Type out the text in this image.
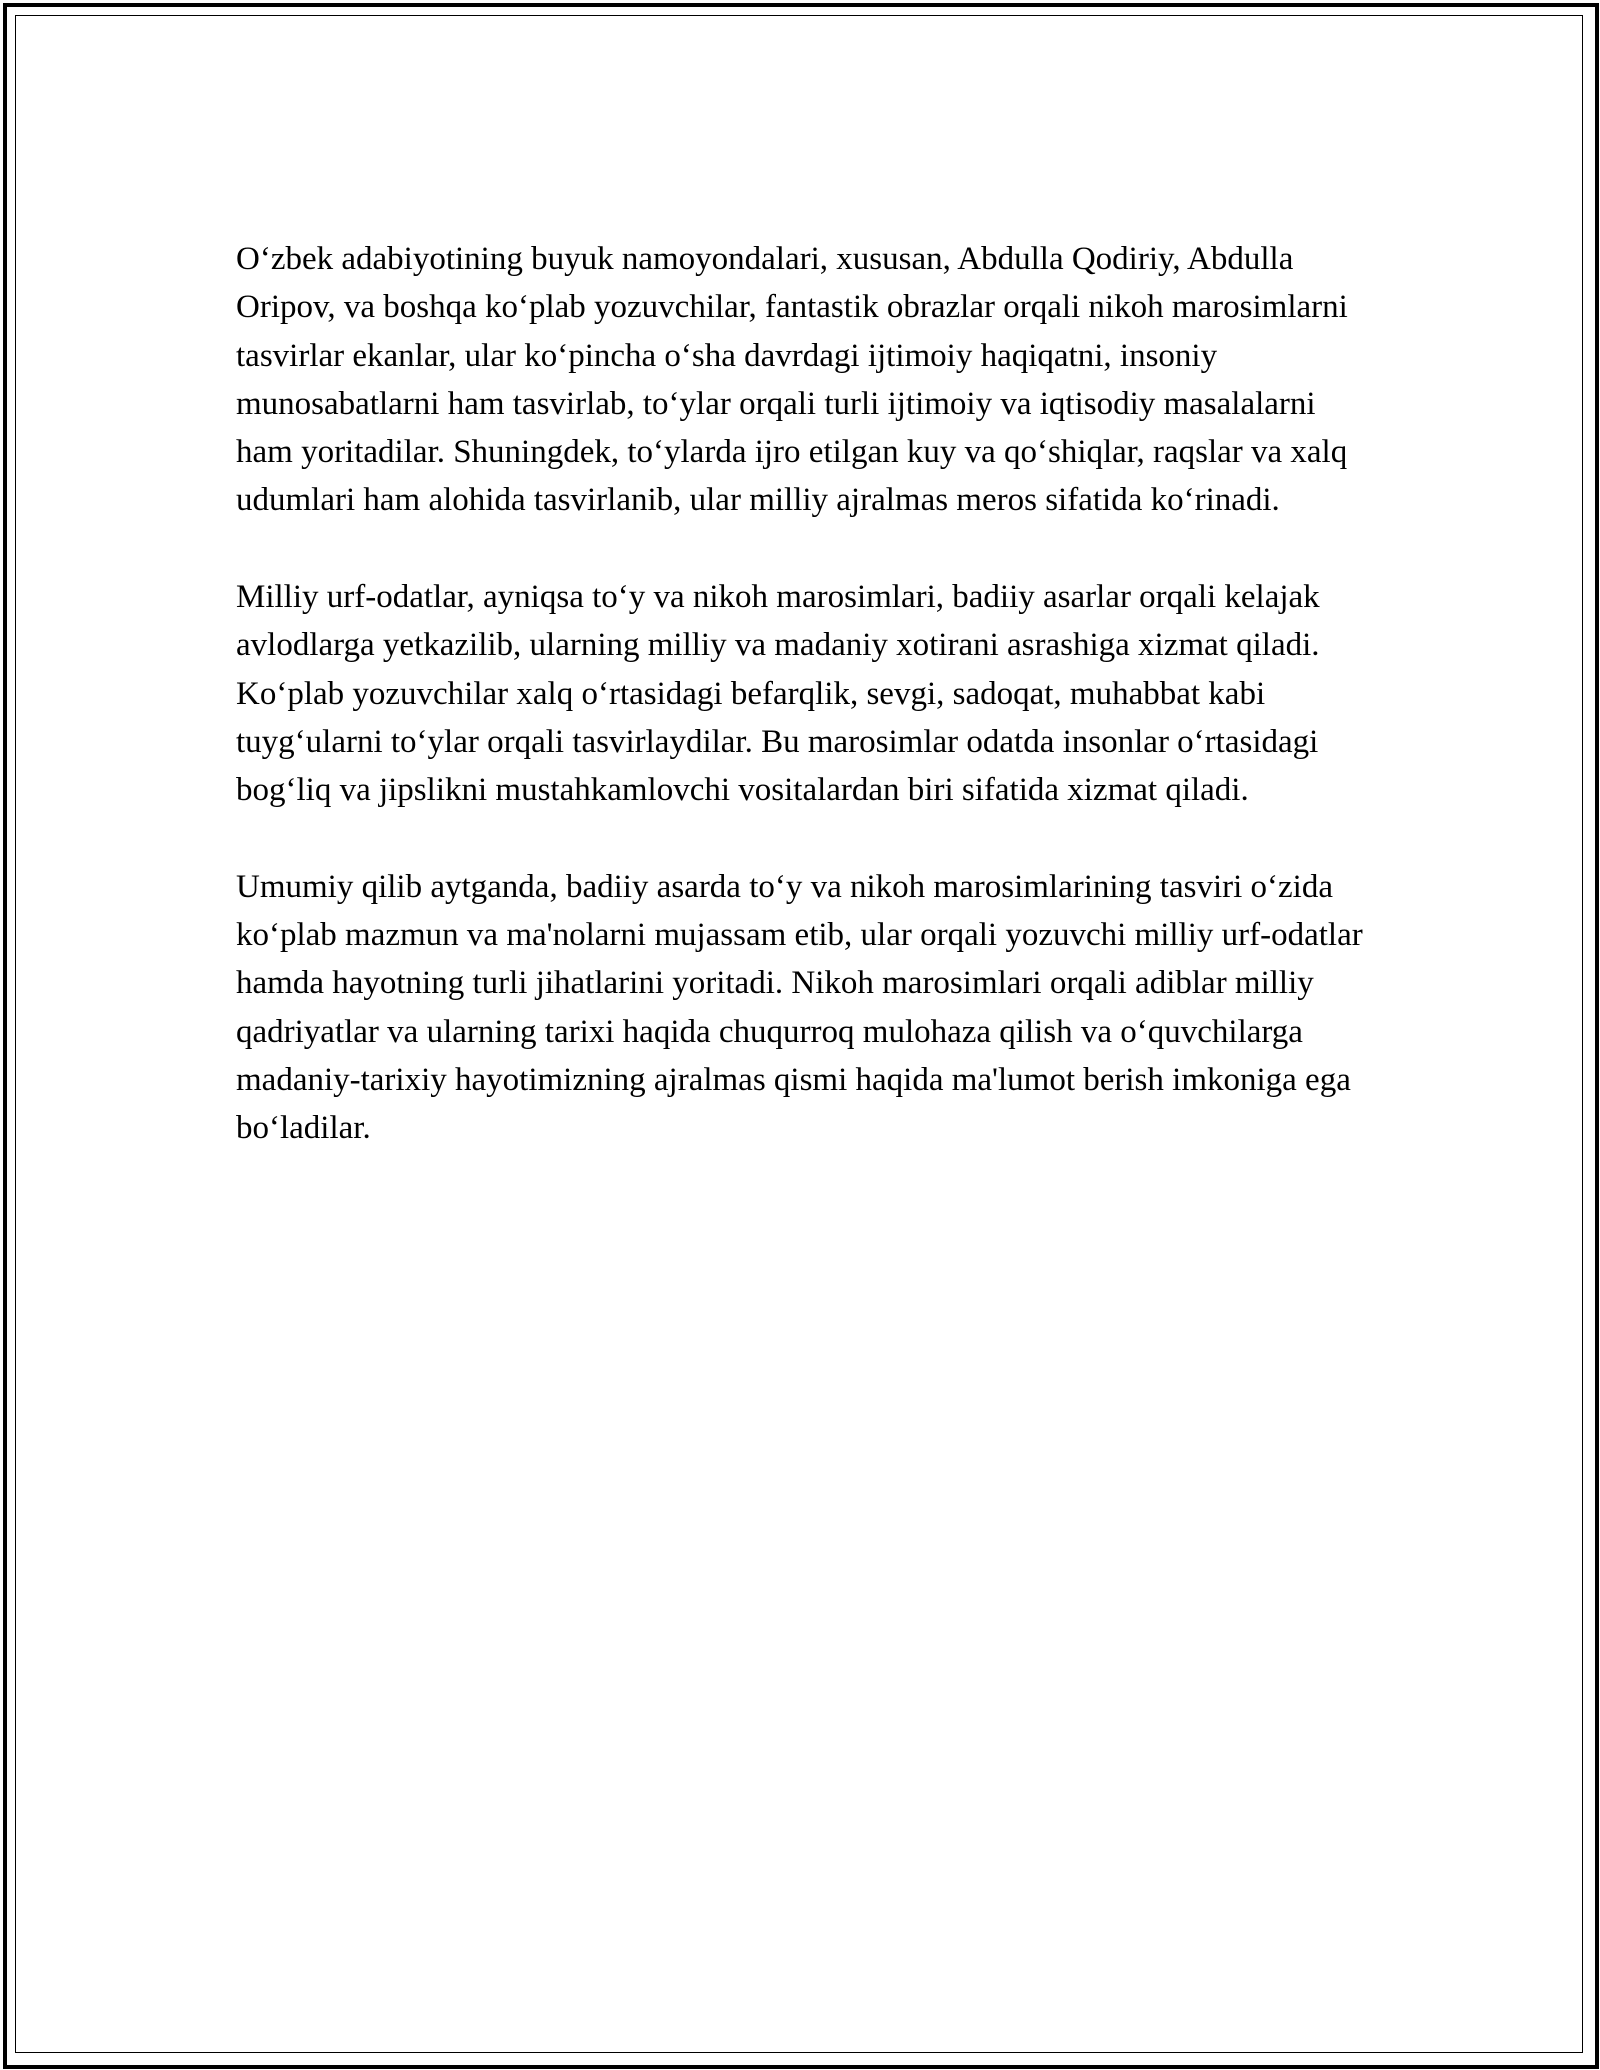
O‘zbek adabiyotining buyuk namoyondalari, xususan, Abdulla Qodiriy, Abdulla Oripov, va boshqa ko‘plab yozuvchilar, fantastik obrazlar orqali nikoh marosimlarni tasvirlar ekanlar, ular ko‘pincha o‘sha davrdagi ijtimoiy haqiqatni, insoniy munosabatlarni ham tasvirlab, to‘ylar orqali turli ijtimoiy va iqtisodiy masalalarni ham yoritadilar. Shuningdek, to‘ylarda ijro etilgan kuy va qo‘shiqlar, raqslar va xalq udumlari ham alohida tasvirlanib, ular milliy ajralmas meros sifatida ko‘rinadi.

Milliy urf-odatlar, ayniqsa to‘y va nikoh marosimlari, badiiy asarlar orqali kelajak avlodlarga yetkazilib, ularning milliy va madaniy xotirani asrashiga xizmat qiladi. Ko‘plab yozuvchilar xalq o‘rtasidagi befarqlik, sevgi, sadoqat, muhabbat kabi tuyg‘ularni to‘ylar orqali tasvirlaydilar. Bu marosimlar odatda insonlar o‘rtasidagi bog‘liq va jipslikni mustahkamlovchi vositalardan biri sifatida xizmat qiladi.

Umumiy qilib aytganda, badiiy asarda to‘y va nikoh marosimlarining tasviri o‘zida ko‘plab mazmun va ma'nolarni mujassam etib, ular orqali yozuvchi milliy urf-odatlar hamda hayotning turli jihatlarini yoritadi. Nikoh marosimlari orqali adiblar milliy qadriyatlar va ularning tarixi haqida chuqurroq mulohaza qilish va o‘quvchilarga madaniy-tarixiy hayotimizning ajralmas qismi haqida ma'lumot berish imkoniga ega bo‘ladilar.
